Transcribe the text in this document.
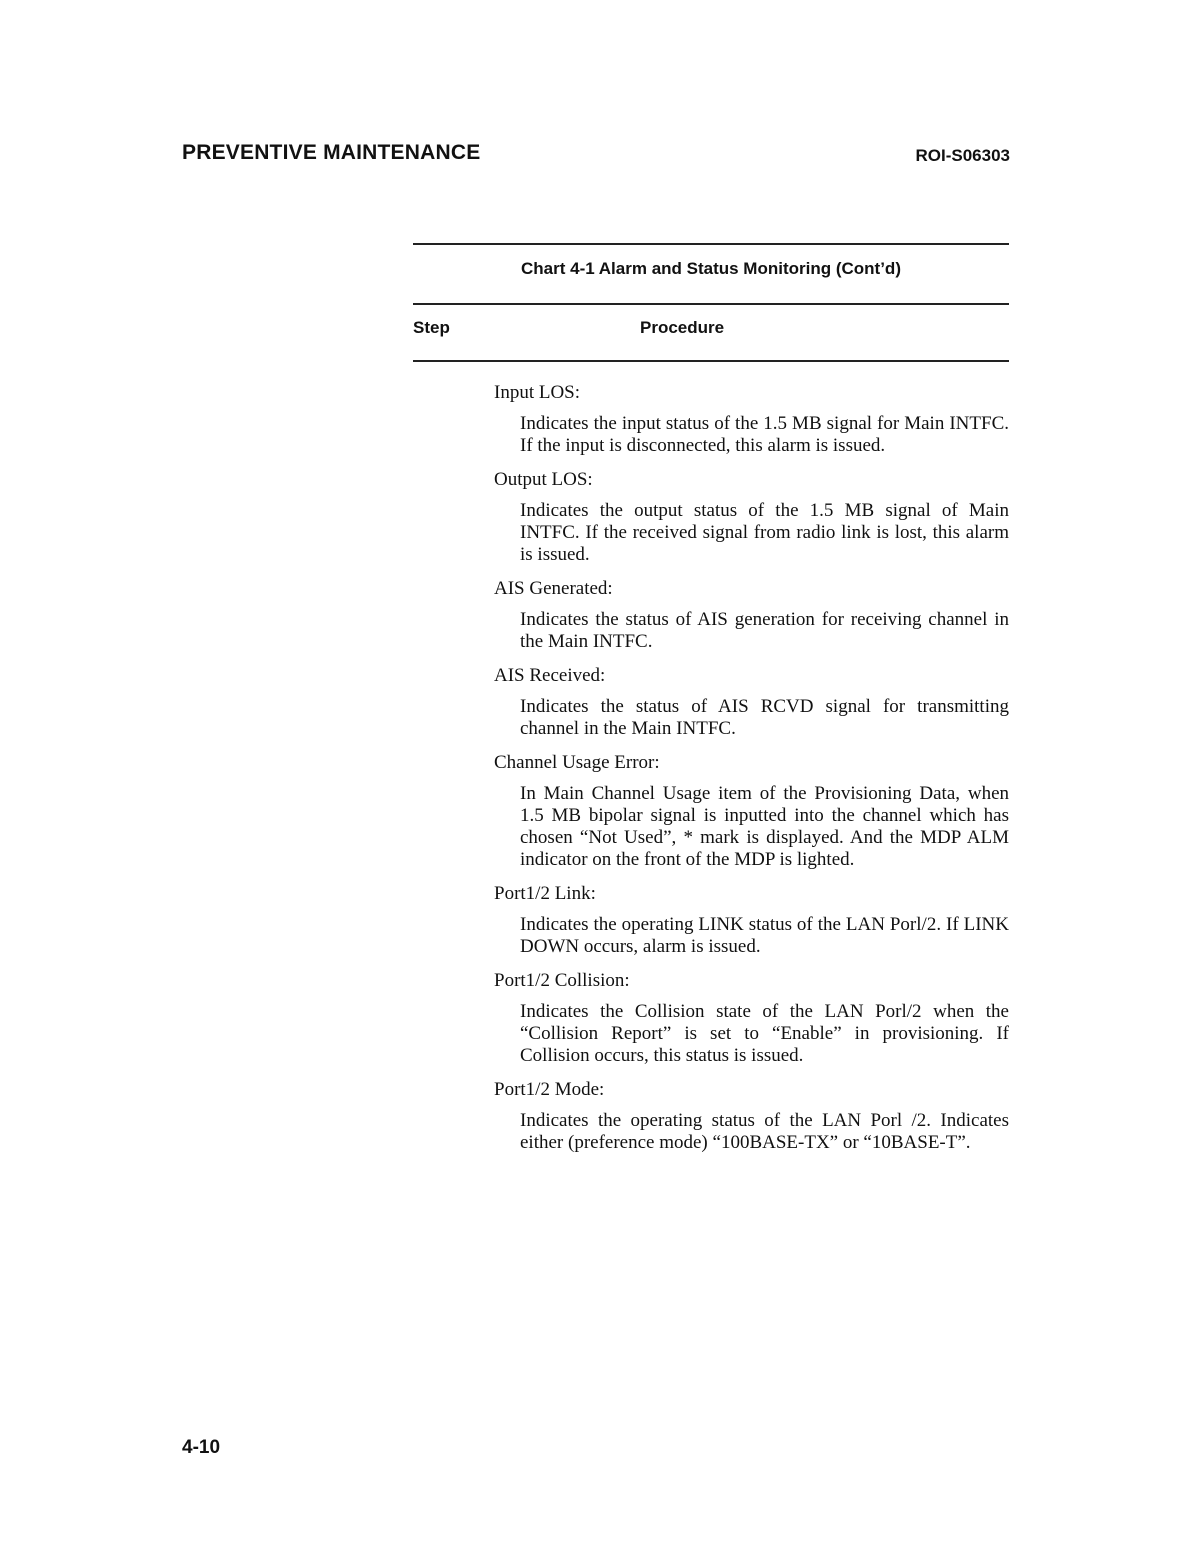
PREVENTIVE MAINTENANCE	ROI-S06303
Chart 4-1 Alarm and Status Monitoring (Cont’d)
Step	Procedure
Input LOS:
Indicates the input status of the 1.5 MB signal for Main INTFC. If the input is disconnected, this alarm is issued.
Output LOS:
Indicates the output status of the 1.5 MB signal of Main INTFC. If the received signal from radio link is lost, this alarm is issued.
AIS Generated:
Indicates the status of AIS generation for receiving channel in the Main INTFC.
AIS Received:
Indicates the status of AIS RCVD signal for transmitting channel in the Main INTFC.
Channel Usage Error:
In Main Channel Usage item of the Provisioning Data, when 1.5 MB bipolar signal is inputted into the channel which has chosen “Not Used”, * mark is displayed. And the MDP ALM indicator on the front of the MDP is lighted.
Port1/2 Link:
Indicates the operating LINK status of the LAN Porl/2. If LINK DOWN occurs, alarm is issued.
Port1/2 Collision:
Indicates the Collision state of the LAN Porl/2 when the “Collision Report” is set to “Enable” in provisioning. If Collision occurs, this status is issued.
Port1/2 Mode:
Indicates the operating status of the LAN Porl /2. Indicates either (preference mode) “100BASE-TX” or “10BASE-T”.
4-10
